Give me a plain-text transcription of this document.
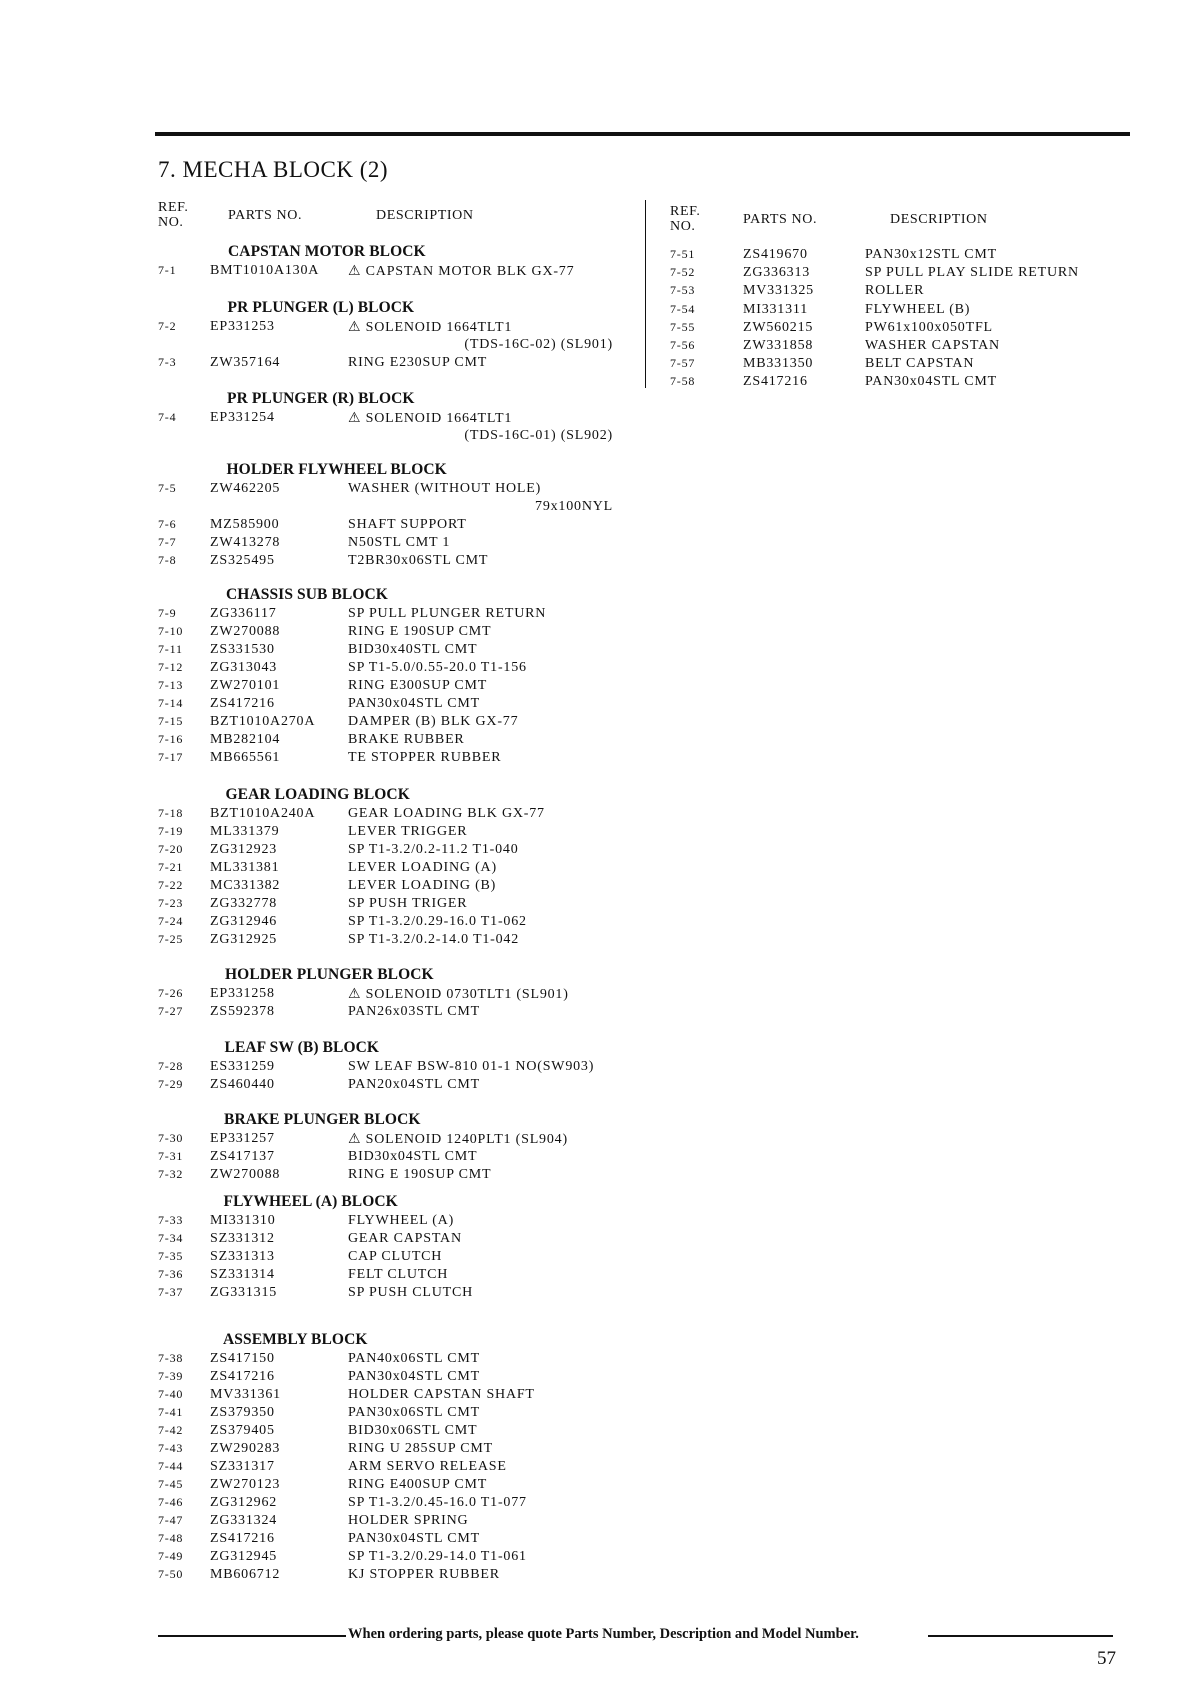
7. MECHA BLOCK (2)
REF.
NO.	PARTS NO.	DESCRIPTION	REF.
NO.	PARTS NO.	DESCRIPTION
CAPSTAN MOTOR BLOCK
7-1 BMT1010A130A ⚠ CAPSTAN MOTOR BLK GX-77
PR PLUNGER (L) BLOCK
7-2 EP331253	⚠ SOLENOID 1664TLT1
(TDS-16C-02) (SL901)
7-3 ZW357164	RING E230SUP CMT
PR PLUNGER (R) BLOCK
7-4 EP331254	⚠ SOLENOID 1664TLT1
(TDS-16C-01) (SL902)
HOLDER FLYWHEEL BLOCK
7-5 ZW462205	WASHER (WITHOUT HOLE)
79x100NYL
7-6 MZ585900	SHAFT SUPPORT
7-7 ZW413278	N50STL CMT 1
7-8 ZS325495	T2BR30x06STL CMT
CHASSIS SUB BLOCK
7-9 ZG336117	SP PULL PLUNGER RETURN
7-10 ZW270088	RING E 190SUP CMT
7-11 ZS331530	BID30x40STL CMT
7-12 ZG313043	SP T1-5.0/0.55-20.0 T1-156
7-13 ZW270101	RING E300SUP CMT
7-14 ZS417216	PAN30x04STL CMT
7-15 BZT1010A270A DAMPER (B) BLK GX-77
7-16 MB282104	BRAKE RUBBER
7-17 MB665561	TE STOPPER RUBBER
GEAR LOADING BLOCK
7-18 BZT1010A240A GEAR LOADING BLK GX-77
7-19 ML331379	LEVER TRIGGER
7-20 ZG312923	SP T1-3.2/0.2-11.2 T1-040
7-21 ML331381	LEVER LOADING (A)
7-22 MC331382	LEVER LOADING (B)
7-23 ZG332778	SP PUSH TRIGER
7-24 ZG312946	SP T1-3.2/0.29-16.0 T1-062
7-25 ZG312925	SP T1-3.2/0.2-14.0 T1-042
HOLDER PLUNGER BLOCK
7-26 EP331258	⚠ SOLENOID 0730TLT1 (SL901)
7-27 ZS592378	PAN26x03STL CMT
LEAF SW (B) BLOCK
7-28 ES331259	SW LEAF BSW-810 01-1 NO(SW903)
7-29 ZS460440	PAN20x04STL CMT
BRAKE PLUNGER BLOCK
7-30 EP331257	⚠ SOLENOID 1240PLT1 (SL904)
7-31 ZS417137	BID30x04STL CMT
7-32 ZW270088	RING E 190SUP CMT
FLYWHEEL (A) BLOCK
7-33 MI331310	FLYWHEEL (A)
7-34 SZ331312	GEAR CAPSTAN
7-35 SZ331313	CAP CLUTCH
7-36 SZ331314	FELT CLUTCH
7-37 ZG331315	SP PUSH CLUTCH
ASSEMBLY BLOCK
7-38 ZS417150	PAN40x06STL CMT
7-39 ZS417216	PAN30x04STL CMT
7-40 MV331361	HOLDER CAPSTAN SHAFT
7-41 ZS379350	PAN30x06STL CMT
7-42 ZS379405	BID30x06STL CMT
7-43 ZW290283	RING U 285SUP CMT
7-44 SZ331317	ARM SERVO RELEASE
7-45 ZW270123	RING E400SUP CMT
7-46 ZG312962	SP T1-3.2/0.45-16.0 T1-077
7-47 ZG331324	HOLDER SPRING
7-48 ZS417216	PAN30x04STL CMT
7-49 ZG312945	SP T1-3.2/0.29-14.0 T1-061
7-50 MB606712	KJ STOPPER RUBBER
7-51	ZS419670	PAN30x12STL CMT
7-52	ZG336313	SP PULL PLAY SLIDE RETURN
7-53	MV331325	ROLLER
7-54	MI331311	FLYWHEEL (B)
7-55	ZW560215	PW61x100x050TFL
7-56	ZW331858	WASHER CAPSTAN
7-57	MB331350	BELT CAPSTAN
7-58	ZS417216	PAN30x04STL CMT
When ordering parts, please quote Parts Number, Description and Model Number.
57
